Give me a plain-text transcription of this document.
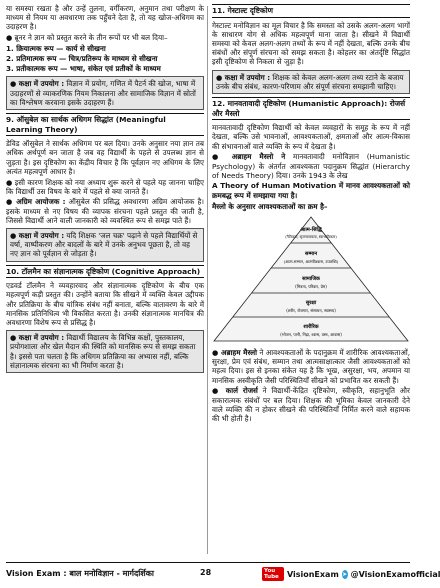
या समस्या रखता है और उन्हें तुलना, वर्गीकरण, अनुमान तथा परीक्षण के माध्यम से नियम या अवधारणा तक पहुँचने देता है, तो यह खोज-अधिगम का उदाहरण है।

● ब्रूनर ने ज्ञान को प्रस्तुत करने के तीन रूपों पर भी बल दिया–

1. क्रियात्मक रूप — कार्य से सीखना
2. प्रतिमात्मक रूप — चित्र/प्रतिरूप के माध्यम से सीखना
3. प्रतीकात्मक रूप — भाषा, संकेत एवं प्रतीकों के माध्यम
● कक्षा में उपयोग : विज्ञान में प्रयोग, गणित में पैटर्न की खोज, भाषा में उदाहरणों से व्याकरणिक नियम निकालना और सामाजिक विज्ञान में स्रोतों का विश्लेषण करवाना इसके उदाहरण हैं।
9. ऑसुबेल का सार्थक अधिगम सिद्धांत (Meaningful Learning Theory)

डेविड ऑसुबेल ने सार्थक अधिगम पर बल दिया। उनके अनुसार नया ज्ञान तब अधिक अर्थपूर्ण बन जाता है जब वह विद्यार्थी के पहले से उपलब्ध ज्ञान से जुड़ता है। इस दृष्टिकोण का केंद्रीय विचार है कि पूर्वज्ञान नए अधिगम के लिए अत्यंत महत्वपूर्ण आधार है।

● इसी कारण शिक्षक को नया अध्याय शुरू करने से पहले यह जानना चाहिए कि विद्यार्थी उस विषय के बारे में पहले से क्या जानते हैं।

● अग्रिम आयोजक : ऑसुबेल की प्रसिद्ध अवधारणा अग्रिम आयोजक है। इसके माध्यम से नए विषय की व्यापक संरचना पहले प्रस्तुत की जाती है, जिससे विद्यार्थी आने वाली जानकारी को व्यवस्थित रूप से समझ पाते हैं।

● कक्षा में उपयोग : यदि शिक्षक 'जल चक्र' पढ़ाने से पहले विद्यार्थियों से वर्षा, वाष्पीकरण और बादलों के बारे में उनके अनुभव पूछता है, तो वह नए ज्ञान को पूर्वज्ञान से जोड़ता है।
10. टॉलमैन का संज्ञानात्मक दृष्टिकोण (Cognitive Approach)

एडवर्ड टॉलमैन ने व्यवहारवाद और संज्ञानात्मक दृष्टिकोण के बीच एक महत्वपूर्ण कड़ी प्रस्तुत की। उन्होंने बताया कि सीखने में व्यक्ति केवल उद्दीपक और प्रतिक्रिया के बीच यांत्रिक संबंध नहीं बनाता, बल्कि वातावरण के बारे में मानसिक प्रतिनिधित्व भी विकसित करता है। उनकी संज्ञानात्मक मानचित्र की अवधारणा विशेष रूप से प्रसिद्ध है।

● कक्षा में उपयोग : विद्यार्थी विद्यालय के विभिन्न कक्षों, पुस्तकालय, प्रयोगशाला और खेल मैदान की स्थिति को मानसिक रूप से समझ सकता है। इससे पता चलता है कि अधिगम प्रतिक्रिया का अभ्यास नहीं, बल्कि संज्ञानात्मक संरचना का भी निर्माण करता है।
11. गेस्टाल्ट दृष्टिकोण

गेस्टाल्ट मनोविज्ञान का मूल विचार है कि समस्ता को उसके अलग-अलग भागों के साधारण योग से अधिक महत्वपूर्ण माना जाता है। सीखने में विद्यार्थी समस्या को केवल अलग-अलग तथ्यों के रूप में नहीं देखता, बल्कि उनके बीच संबंधों और संपूर्ण संरचना को समझ सकता है। कोहलर का अंतर्दृष्टि सिद्धांत इसी दृष्टिकोण से निकला से जुड़ा है।

● कक्षा में उपयोग : शिक्षक को केवल अलग-अलग तथ्य रटाने के बजाय उनके बीच संबंध, कारण-परिणाम और संपूर्ण संरचना समझानी चाहिए।
12. मानवतावादी दृष्टिकोण (Humanistic Approach): रोजर्स और मैस्लो

मानवतावादी दृष्टिकोण विद्यार्थी को केवल व्यवहारों के समूह के रूप में नहीं देखता, बल्कि उसे भावनाओं, आवश्यकताओं, क्षमताओं और आत्म-विकास की संभावनाओं वाले व्यक्ति के रूप में देखता है।

● अब्राहम मैस्लो ने मानवतावादी मनोविज्ञान (Humanistic Psychology) के अंतर्गत आवश्यकता पदानुक्रम सिद्धांत (Hierarchy of Needs Theory) दिया। उनके 1943 के लेख

A Theory of Human Motivation में मानव आवश्यकताओं को क्रमबद्ध रूप में समझाया गया है।

मैस्लो के अनुसार आवश्यकताओं का क्रम है–
आत्म-सिद्धि
(नैतिकता, सृजनात्मकता, स्वाभाविकता)
सम्मान
(आत्म-सम्मान, आत्मविश्वास, उपलब्धि)
सामाजिक
(मित्रता, परिवार, प्रेम)
सुरक्षा
(शरीर, रोजगार, संसाधन, स्वास्थ्य)
शारीरिक
(भोजन, पानी, निद्रा, श्वास, वस्त्र, आवास)

● अब्राहम मैस्लो ने आवश्यकताओं के पदानुक्रम में शारीरिक आवश्यकताओं, सुरक्षा, प्रेम एवं संबंध, सम्मान तथा आत्मसाक्षात्कार जैसी आवश्यकताओं को महत्व दिया। इस से इनका संकेत यह है कि भूख, असुरक्षा, भय, अपमान या मानसिक अस्वीकृति जैसी परिस्थितियाँ सीखने को प्रभावित कर सकती हैं।

● कार्ल रोजर्स ने विद्यार्थी-केंद्रित दृष्टिकोण, स्वीकृति, सहानुभूति और सकारात्मक संबंधों पर बल दिया। शिक्षक की भूमिका केवल जानकारी देने वाले व्यक्ति की न होकर सीखने की परिस्थितियाँ निर्मित करने वाले सहायक की भी होती है।

Vision Exam : बाल मनोविज्ञान - मार्गदर्शिका	28	You Tube	VisionExam ➤ @VisionExamofficial
